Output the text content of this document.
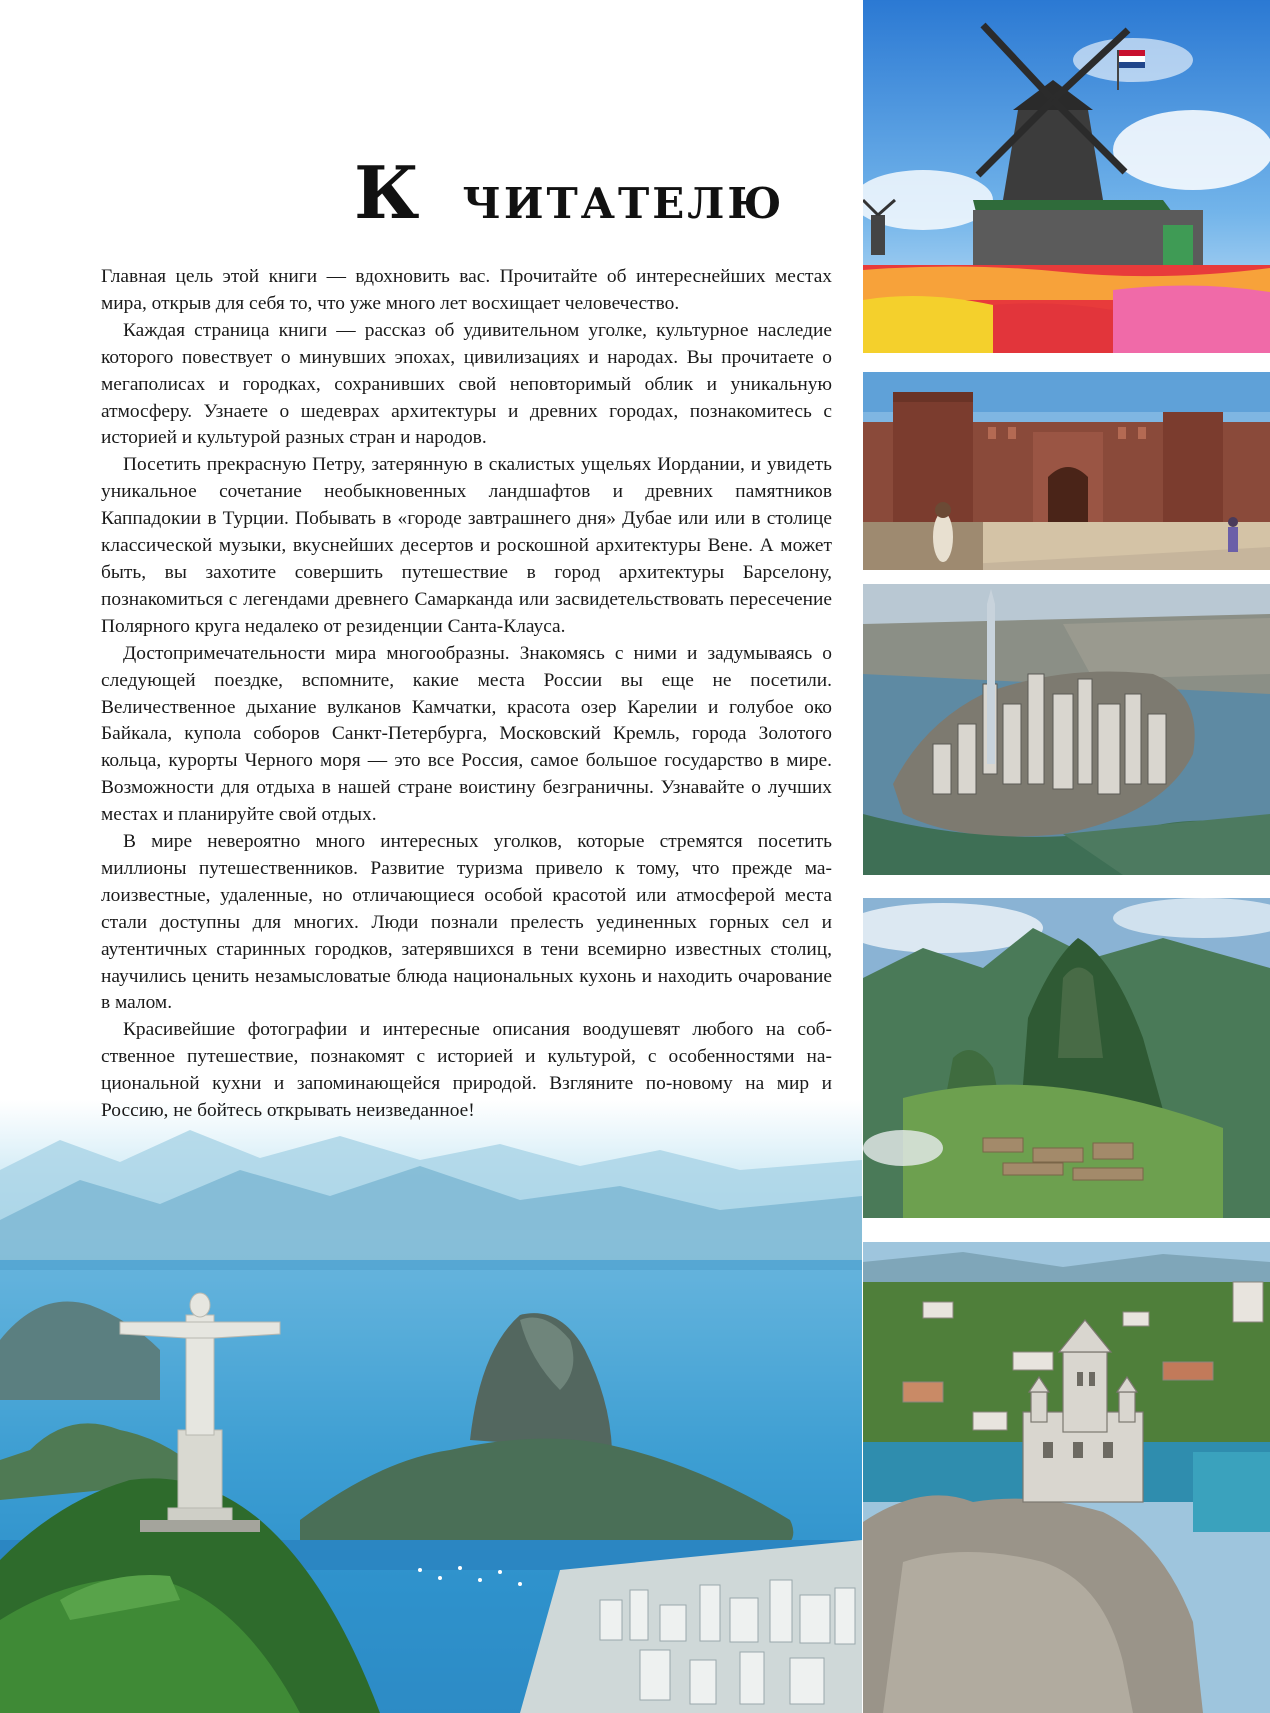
К читателю

Главная цель этой книги — вдохновить вас. Прочитайте об интереснейших местах мира, открыв для себя то, что уже много лет восхищает человечество.

Каждая страница книги — рассказ об удивительном уголке, культурное наследие которого повествует о минувших эпохах, цивилизациях и народах. Вы прочитаете о мегаполисах и городках, сохранивших свой неповторимый облик и уникальную атмосферу. Узнаете о шедеврах архитектуры и древних городах, познакомитесь с историей и культурой разных стран и народов.

Посетить прекрасную Петру, затерянную в скалистых ущельях Иордании, и увидеть уникальное сочетание необыкновенных ландшафтов и древних памятников Каппадокии в Турции. Побывать в «городе завтрашнего дня» Дубае или или в столице классической музыки, вкуснейших десертов и роскошной архитектуры Вене. А может быть, вы захотите совершить путешествие в город архитектуры Барселону, познакомиться с легендами древнего Самарканда или засвидетельствовать пересечение Полярного круга недалеко от резиденции Санта-Клауса.

Достопримечательности мира многообразны. Знакомясь с ними и задумываясь о следующей поездке, вспомните, какие места России вы еще не посетили. Величественное дыхание вулканов Камчатки, красота озер Карелии и голубое око Байкала, купола соборов Санкт-Петербурга, Московский Кремль, города Золотого кольца, курорты Черного моря — это все Россия, самое большое государство в мире. Возможности для отдыха в нашей стране воистину безграничны. Узнавайте о лучших местах и планируйте свой отдых.

В мире невероятно много интересных уголков, которые стремятся посетить миллионы путешественников. Развитие туризма привело к тому, что прежде малоизвестные, удаленные, но отличающиеся особой красотой или атмосферой места стали доступны для многих. Люди познали прелесть уединенных горных сел и аутентичных старинных городков, затерявшихся в тени всемирно известных столиц, научились ценить незамысловатые блюда национальных кухонь и находить очарование в малом.

Красивейшие фотографии и интересные описания воодушевят любого на собственное путешествие, познакомят с историей и культурой, с особенностями национальной кухни и запоминающейся природой. Взгляните по-новому на мир и Россию, не бойтесь открывать неизведанное!
